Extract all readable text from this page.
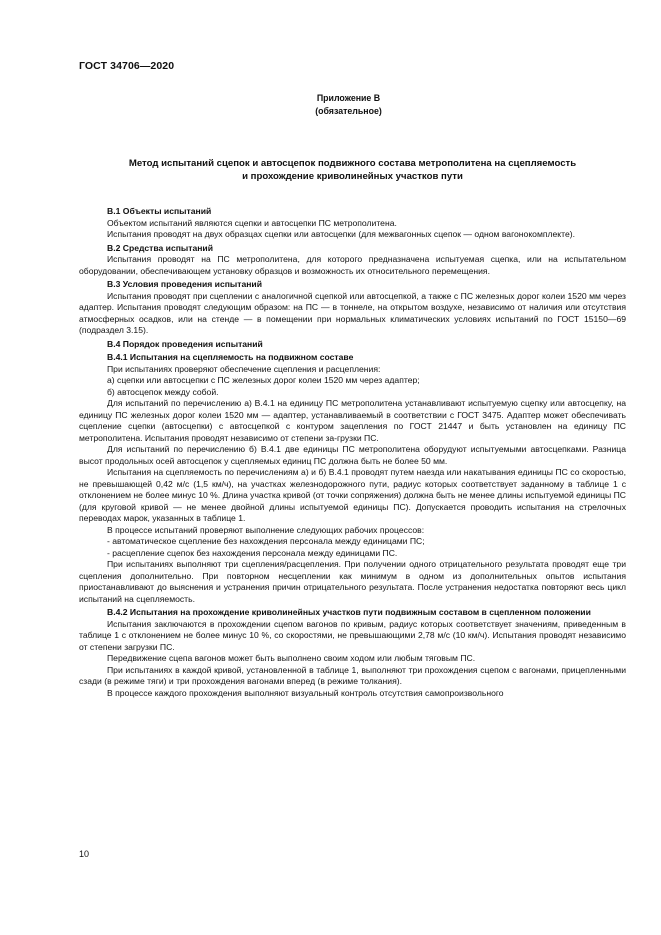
ГОСТ 34706—2020
Приложение В
(обязательное)
Метод испытаний сцепок и автосцепок подвижного состава метрополитена на сцепляемость
и прохождение криволинейных участков пути

В.1 Объекты испытаний

Объектом испытаний являются сцепки и автосцепки ПС метрополитена.

Испытания проводят на двух образцах сцепки или автосцепки (для межвагонных сцепок — одном вагонокомплекте).

В.2 Средства испытаний

Испытания проводят на ПС метрополитена, для которого предназначена испытуемая сцепка, или на испытательном оборудовании, обеспечивающем установку образцов и возможность их относительного перемещения.

В.3 Условия проведения испытаний

Испытания проводят при сцеплении с аналогичной сцепкой или автосцепкой, а также с ПС железных дорог колеи 1520 мм через адаптер. Испытания проводят следующим образом: на ПС — в тоннеле, на открытом воздухе, независимо от наличия или отсутствия атмосферных осадков, или на стенде — в помещении при нормальных климатических условиях испытаний по ГОСТ 15150—69 (подраздел 3.15).

В.4 Порядок проведения испытаний

В.4.1 Испытания на сцепляемость на подвижном составе

При испытаниях проверяют обеспечение сцепления и расцепления:

а) сцепки или автосцепки с ПС железных дорог колеи 1520 мм через адаптер;

б) автосцепок между собой.

Для испытаний по перечислению а) В.4.1 на единицу ПС метрополитена устанавливают испытуемую сцепку или автосцепку, на единицу ПС железных дорог колеи 1520 мм — адаптер, устанавливаемый в соответствии с ГОСТ 3475. Адаптер может обеспечивать сцепление сцепки (автосцепки) с автосцепкой с контуром зацепления по ГОСТ 21447 и быть установлен на единицу ПС метрополитена. Испытания проводят независимо от степени за-грузки ПС.

Для испытаний по перечислению б) В.4.1 две единицы ПС метрополитена оборудуют испытуемыми автосцепками. Разница высот продольных осей автосцепок у сцепляемых единиц ПС должна быть не более 50 мм.

Испытания на сцепляемость по перечислениям а) и б) В.4.1 проводят путем наезда или накатывания единицы ПС со скоростью, не превышающей 0,42 м/с (1,5 км/ч), на участках железнодорожного пути, радиус которых соответствует заданному в таблице 1 с отклонением не более минус 10 %. Длина участка кривой (от точки сопряжения) должна быть не менее длины испытуемой единицы ПС (для круговой кривой — не менее двойной длины испытуемой единицы ПС). Допускается проводить испытания на стрелочных переводах марок, указанных в таблице 1.

В процессе испытаний проверяют выполнение следующих рабочих процессов:

- автоматическое сцепление без нахождения персонала между единицами ПС;

- расцепление сцепок без нахождения персонала между единицами ПС.

При испытаниях выполняют три сцепления/расцепления. При получении одного отрицательного результата проводят еще три сцепления дополнительно. При повторном несцеплении как минимум в одном из дополнительных опытов испытания приостанавливают до выяснения и устранения причин отрицательного результата. После устранения недостатка повторяют весь цикл испытаний на сцепляемость.

В.4.2 Испытания на прохождение криволинейных участков пути подвижным составом в сцепленном положении

Испытания заключаются в прохождении сцепом вагонов по кривым, радиус которых соответствует значениям, приведенным в таблице 1 с отклонением не более минус 10 %, со скоростями, не превышающими 2,78 м/с (10 км/ч). Испытания проводят независимо от степени загрузки ПС.

Передвижение сцепа вагонов может быть выполнено своим ходом или любым тяговым ПС.

При испытаниях в каждой кривой, установленной в таблице 1, выполняют три прохождения сцепом с вагонами, прицепленными сзади (в режиме тяги) и три прохождения вагонами вперед (в режиме толкания).

В процессе каждого прохождения выполняют визуальный контроль отсутствия самопроизвольного

10
